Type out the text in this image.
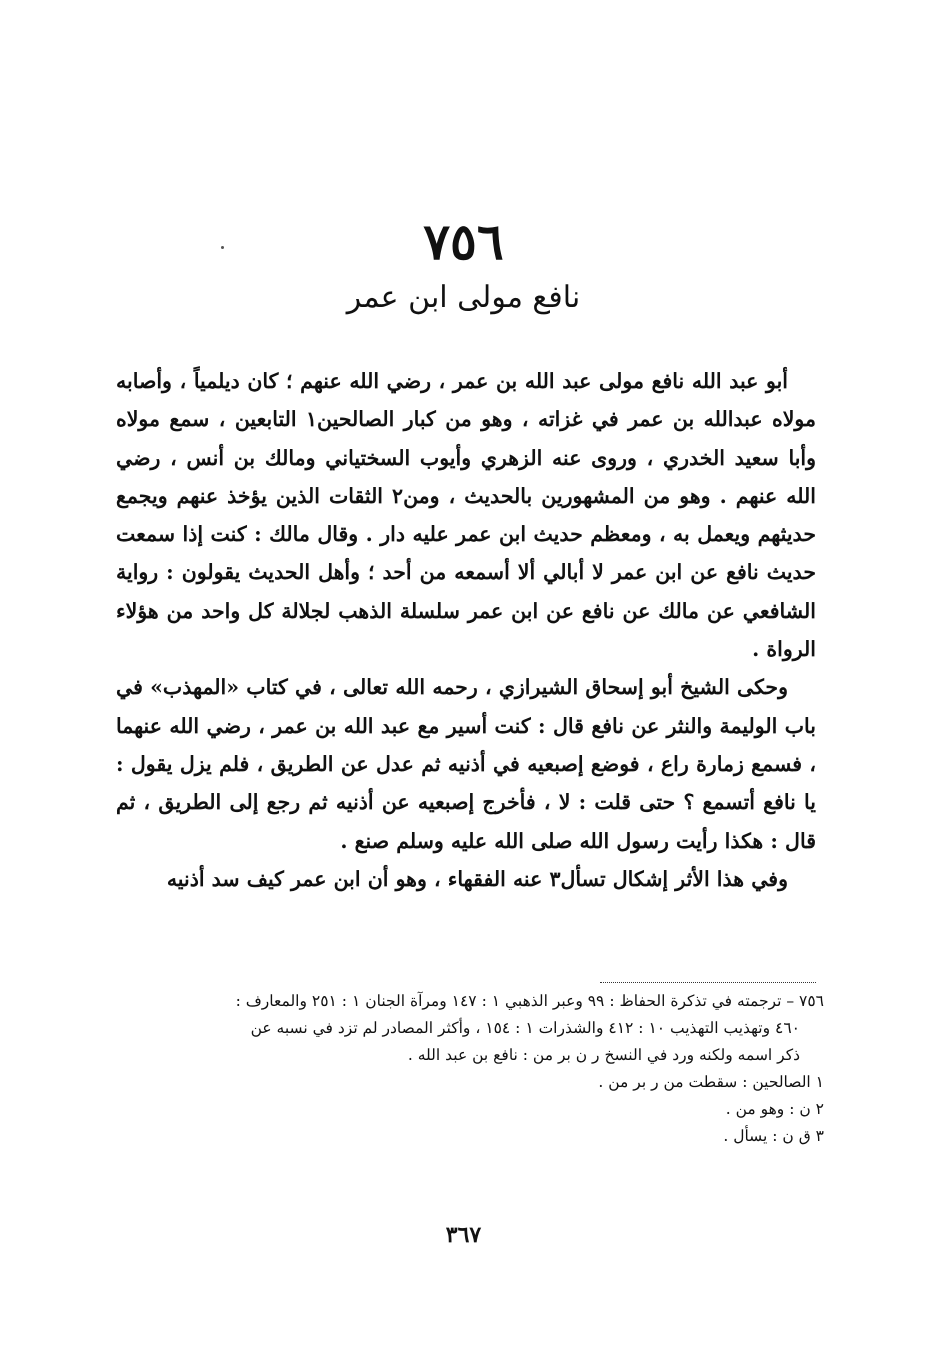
٧٥٦
نافع مولى ابن عمر

أبو عبد الله نافع مولى عبد الله بن عمر ، رضي الله عنهم ؛ كان ديلمياً ، وأصابه مولاه عبدالله بن عمر في غزاته ، وهو من كبار الصالحين١ التابعين ، سمع مولاه وأبا سعيد الخدري ، وروى عنه الزهري وأيوب السختياني ومالك بن أنس ، رضي الله عنهم . وهو من المشهورين بالحديث ، ومن٢ الثقات الذين يؤخذ عنهم ويجمع حديثهم ويعمل به ، ومعظم حديث ابن عمر عليه دار . وقال مالك : كنت إذا سمعت حديث نافع عن ابن عمر لا أبالي ألا أسمعه من أحد ؛ وأهل الحديث يقولون : رواية الشافعي عن مالك عن نافع عن ابن عمر سلسلة الذهب لجلالة كل واحد من هؤلاء الرواة .

وحكى الشيخ أبو إسحاق الشيرازي ، رحمه الله تعالى ، في كتاب «المهذب» في باب الوليمة والنثر عن نافع قال : كنت أسير مع عبد الله بن عمر ، رضي الله عنهما ، فسمع زمارة راع ، فوضع إصبعيه في أذنيه ثم عدل عن الطريق ، فلم يزل يقول : يا نافع أتسمع ؟ حتى قلت : لا ، فأخرج إصبعيه عن أذنيه ثم رجع إلى الطريق ، ثم قال : هكذا رأيت رسول الله صلى الله عليه وسلم صنع .

وفي هذا الأثر إشكال تسأل٣ عنه الفقهاء ، وهو أن ابن عمر كيف سد أذنيه

٧٥٦ – ترجمته في تذكرة الحفاظ : ٩٩ وعبر الذهبي ١ : ١٤٧ ومرآة الجنان ١ : ٢٥١ والمعارف :

٤٦٠ وتهذيب التهذيب ١٠ : ٤١٢ والشذرات ١ : ١٥٤ ، وأكثر المصادر لم تزد في نسبه عن

ذكر اسمه ولكنه ورد في النسخ ر ن بر من : نافع بن عبد الله .

١ الصالحين : سقطت من ر بر من .

٢ ن : وهو من .

٣ ق ن : يسأل .

٣٦٧
